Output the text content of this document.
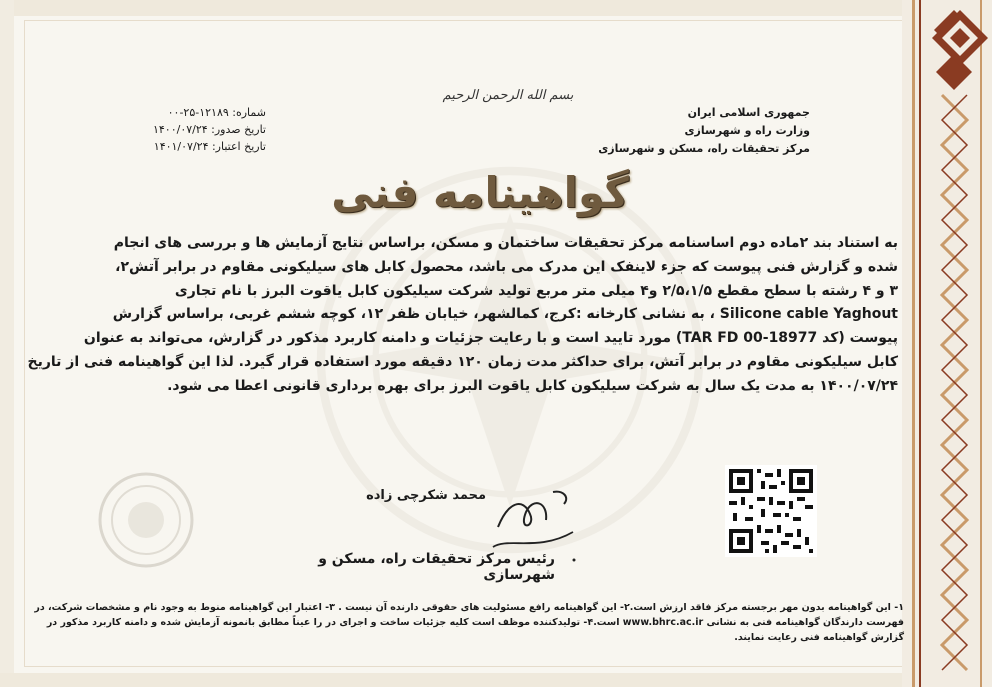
جمهوری اسلامی ایران
وزارت راه و شهرسازی
مرکز تحقیقات راه، مسکن و شهرسازی
بسم الله الرحمن الرحیم
شماره: ۱۲۱۸۹-۲۵-۰۰
تاریخ صدور: ۱۴۰۰/۰۷/۲۴
تاریخ اعتبار: ۱۴۰۱/۰۷/۲۴
گواهینامه فنی
به استناد بند ۲ماده دوم اساسنامه مرکز تحقیقات ساختمان و مسکن، براساس نتایج آزمایش ها و بررسی های انجام
شده و گزارش فنی پیوست که جزء لاینفک این مدرک می باشد، محصول کابل های سیلیکونی مقاوم در برابر آتش۲،
۳ و ۴ رشته با سطح مقطع ۲/۵،۱/۵ و۴ میلی متر مربع تولید شرکت سیلیکون کابل یاقوت البرز با نام تجاری
Silicone cable Yaghout ، به نشانی کارخانه :کرج، کمالشهر، خیابان ظفر ۱۲، کوچه ششم غربی، براساس گزارش
پیوست (کد TAR FD 00-18977) مورد تایید است و با رعایت جزئیات و دامنه کاربرد مذکور در گزارش، می‌تواند به عنوان
کابل سیلیکونی مقاوم در برابر آتش، برای حداکثر مدت زمان ۱۲۰ دقیقه مورد استفاده قرار گیرد. لذا این گواهینامه فنی از تاریخ
۱۴۰۰/۰۷/۲۴ به مدت یک سال به شرکت سیلیکون کابل یاقوت البرز برای بهره برداری قانونی اعطا می شود.
محمد شکرچی زاده
رئیس مرکز تحقیقات راه، مسکن و شهرسازی
۱- این گواهینامه بدون مهر برجسته مرکز فاقد ارزش است.۲- این گواهینامه رافع مسئولیت های حقوقی دارنده آن نیست . ۳- اعتبار این گواهینامه منوط به وجود نام و مشخصات شرکت، در
فهرست دارندگان گواهینامه فنی به نشانی www.bhrc.ac.ir است.۴- تولیدکننده موظف است کلیه جزئیات ساخت و اجرای در را عیناً مطابق بانمونه آزمایش شده و دامنه کاربرد مذکور در
گزارش گواهینامه فنی رعایت نمایند.
